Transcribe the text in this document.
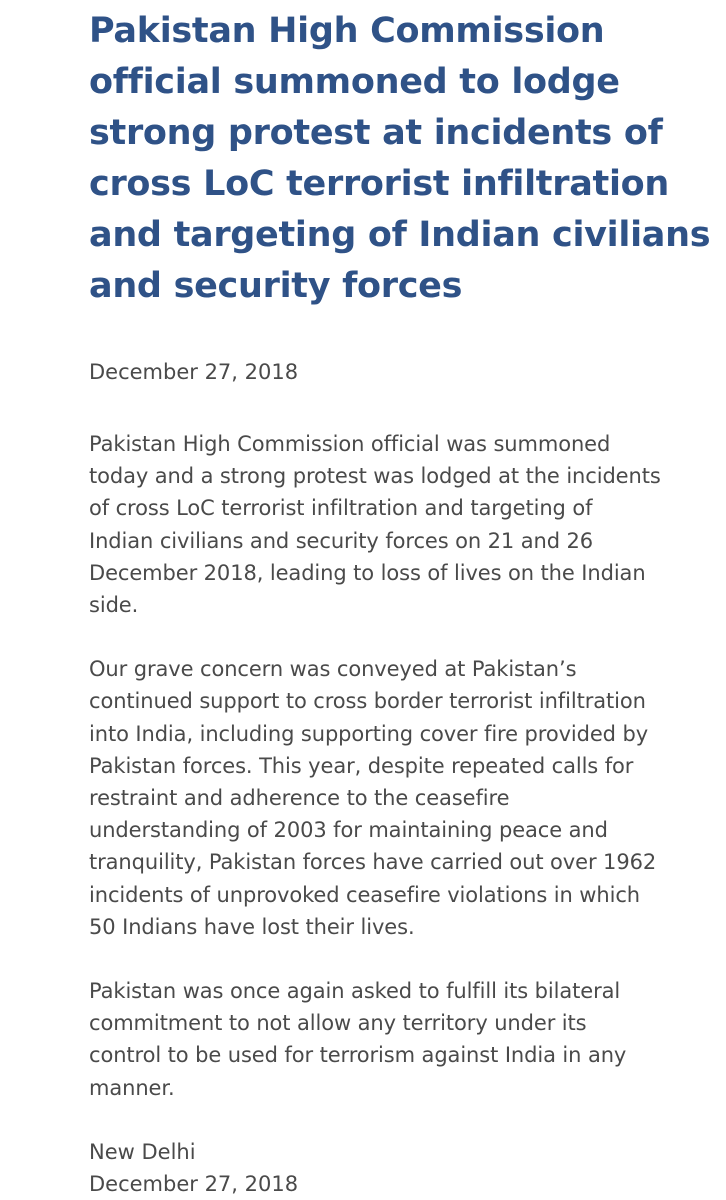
Pakistan High Commission
official summoned to lodge
strong protest at incidents of
cross LoC terrorist infiltration
and targeting of Indian civilians
and security forces

December 27, 2018

Pakistan High Commission official was summoned
today and a strong protest was lodged at the incidents
of cross LoC terrorist infiltration and targeting of
Indian civilians and security forces on 21 and 26
December 2018, leading to loss of lives on the Indian
side.

Our grave concern was conveyed at Pakistan’s
continued support to cross border terrorist infiltration
into India, including supporting cover fire provided by
Pakistan forces. This year, despite repeated calls for
restraint and adherence to the ceasefire
understanding of 2003 for maintaining peace and
tranquility, Pakistan forces have carried out over 1962
incidents of unprovoked ceasefire violations in which
50 Indians have lost their lives.

Pakistan was once again asked to fulfill its bilateral
commitment to not allow any territory under its
control to be used for terrorism against India in any
manner.

New Delhi
December 27, 2018
